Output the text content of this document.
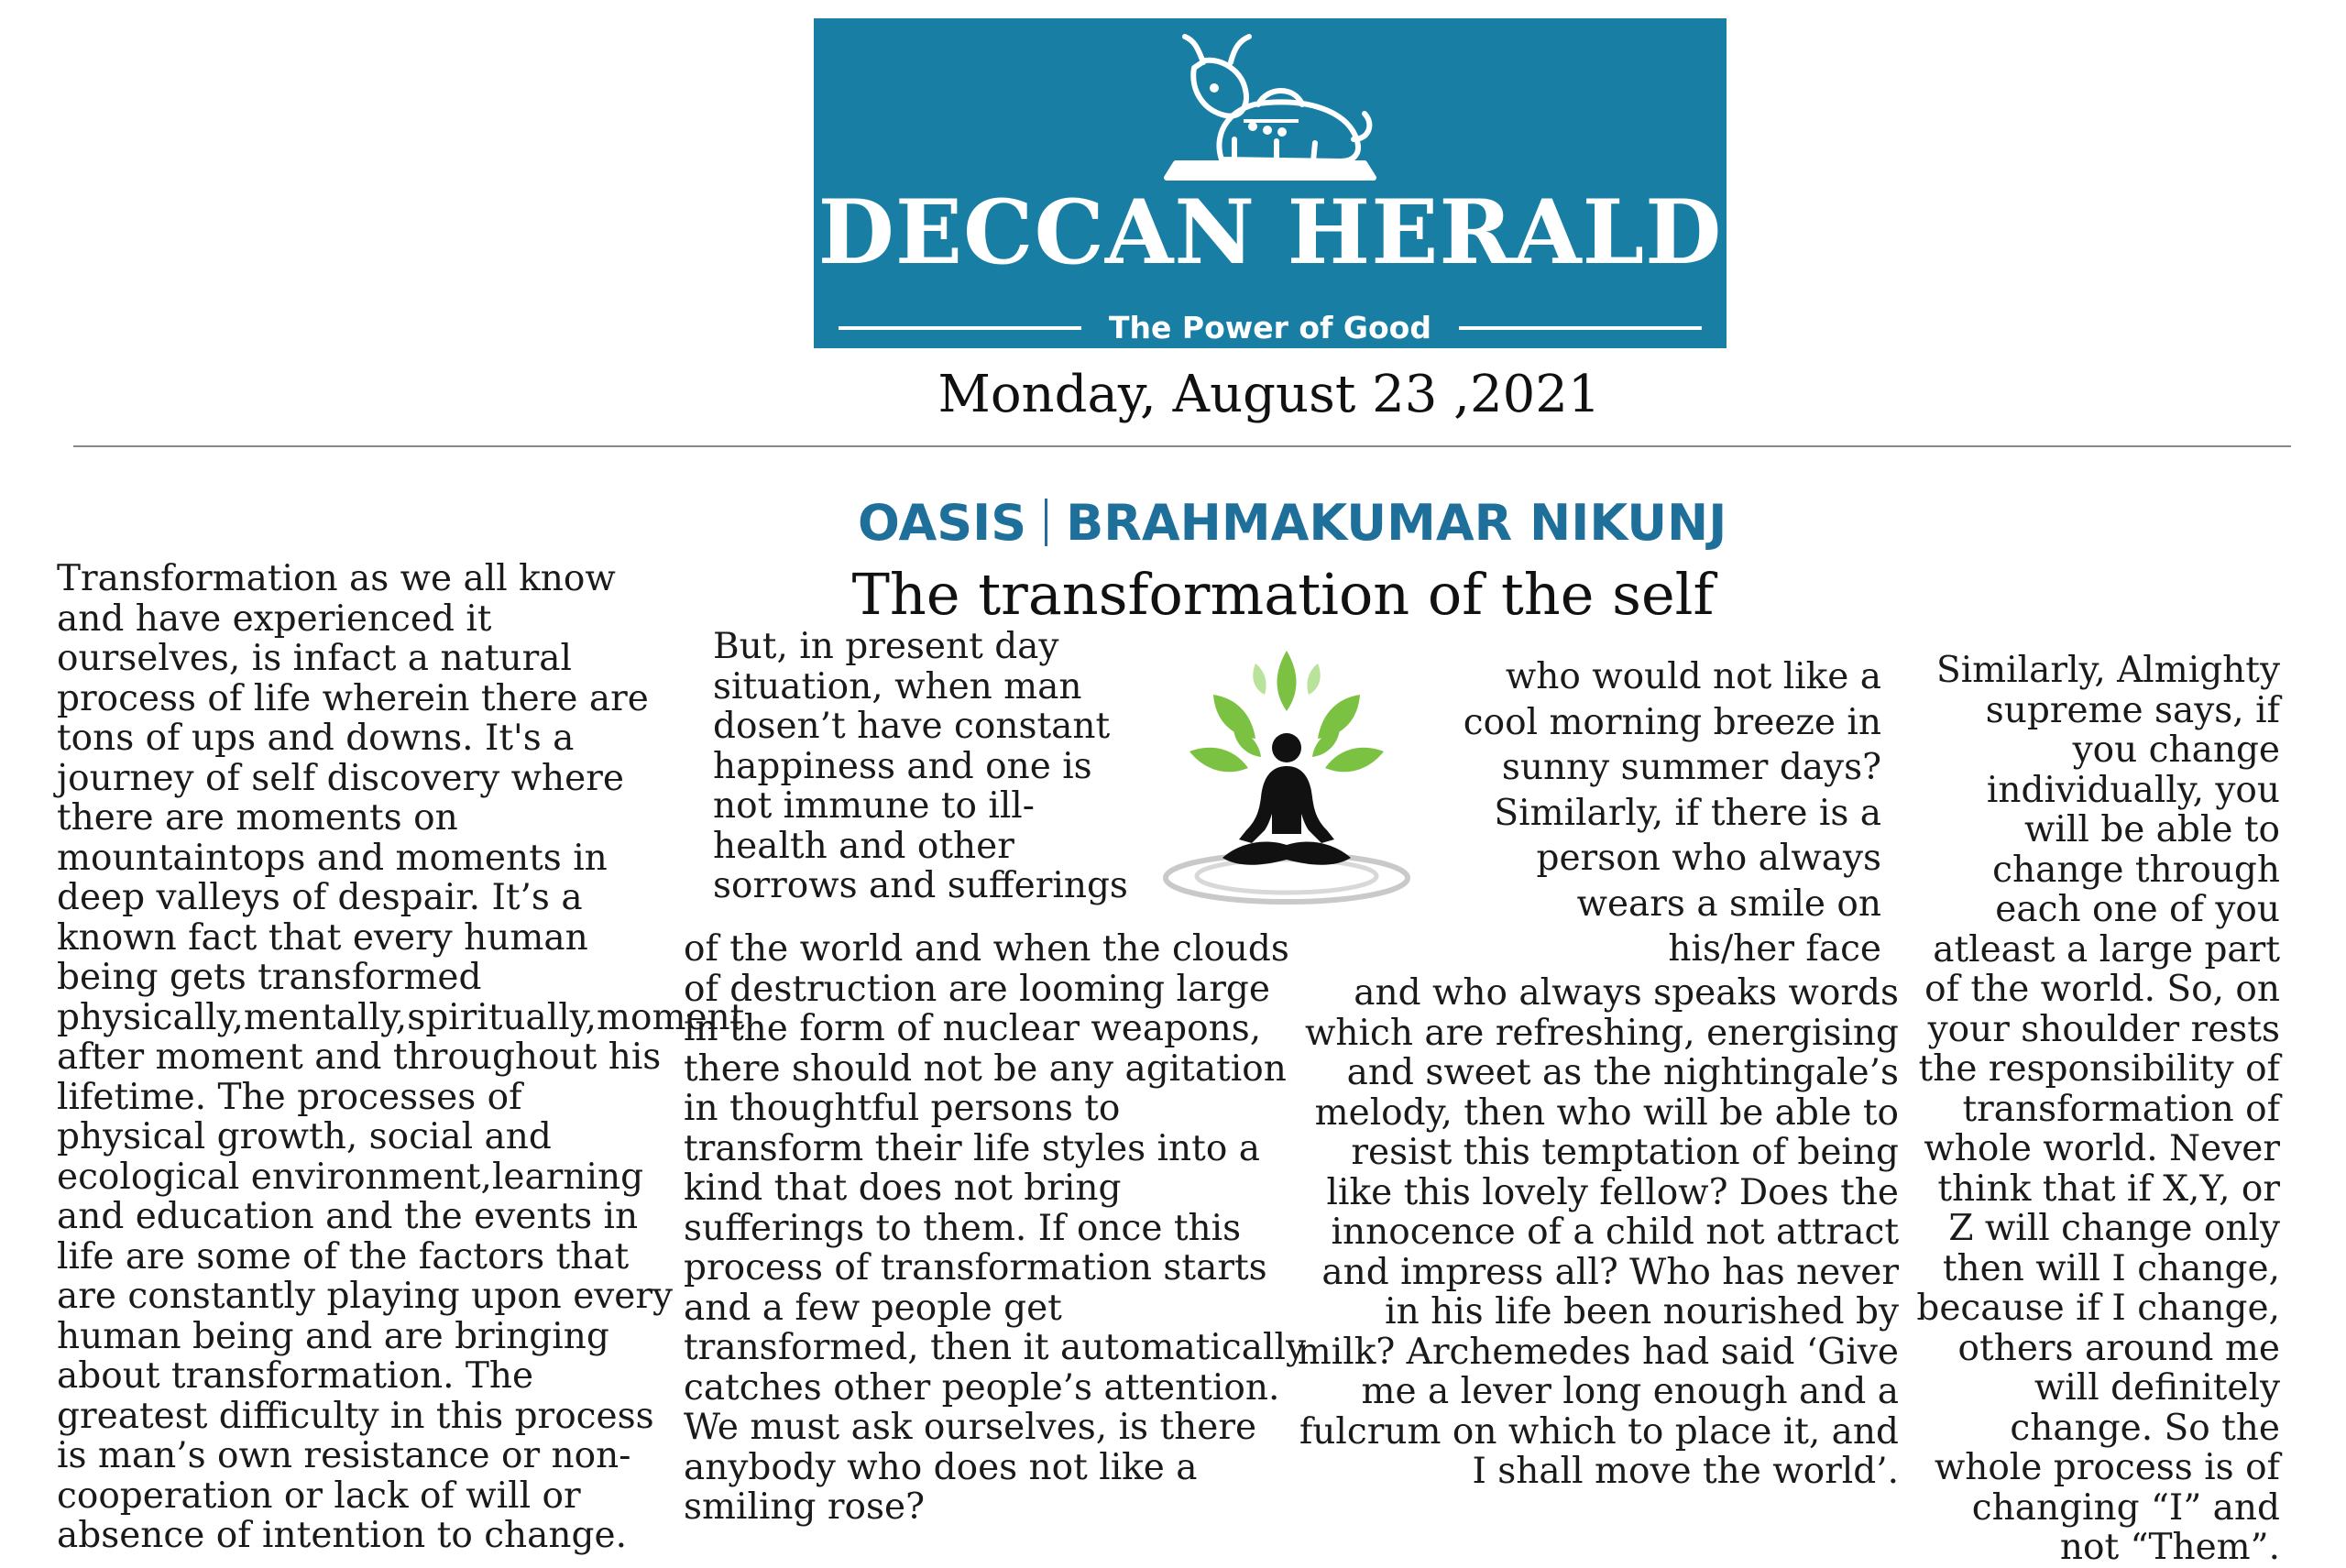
DECCAN HERALD
The Power of Good
Monday, August 23 ,2021
OASIS BRAHMAKUMAR NIKUNJ
The transformation of the self

Transformation as we all know and have experienced it ourselves, is infact a natural process of life wherein there are tons of ups and downs. It's a journey of self discovery where there are moments on mountaintops and moments in deep valleys of despair. It’s a known fact that every human being gets transformed physically,mentally,spiritually,moment after moment and throughout his lifetime. The processes of physical growth, social and ecological environment,learning and education and the events in life are some of the factors that are constantly playing upon every human being and are bringing about transformation. The greatest difficulty in this process is man’s own resistance or non-cooperation or lack of will or absence of intention to change.

But, in present day situation, when man dosen’t have constant happiness and one is not immune to ill-health and other sorrows and sufferings

of the world and when the clouds of destruction are looming large in the form of nuclear weapons, there should not be any agitation in thoughtful persons to transform their life styles into a kind that does not bring sufferings to them. If once this process of transformation starts and a few people get transformed, then it automatically catches other people’s attention. We must ask ourselves, is there anybody who does not like a smiling rose?

who would not like a cool morning breeze in sunny summer days? Similarly, if there is a person who always wears a smile on his/her face

and who always speaks words which are refreshing, energising and sweet as the nightingale’s melody, then who will be able to resist this temptation of being like this lovely fellow? Does the innocence of a child not attract and impress all? Who has never in his life been nourished by milk? Archemedes had said ‘Give me a lever long enough and a fulcrum on which to place it, and I shall move the world’.

Similarly, Almighty supreme says, if you change individually, you will be able to change through each one of you atleast a large part of the world. So, on your shoulder rests the responsibility of transformation of whole world. Never think that if X,Y, or Z will change only then will I change, because if I change, others around me will definitely change. So the whole process is of changing “I” and not “Them”.
